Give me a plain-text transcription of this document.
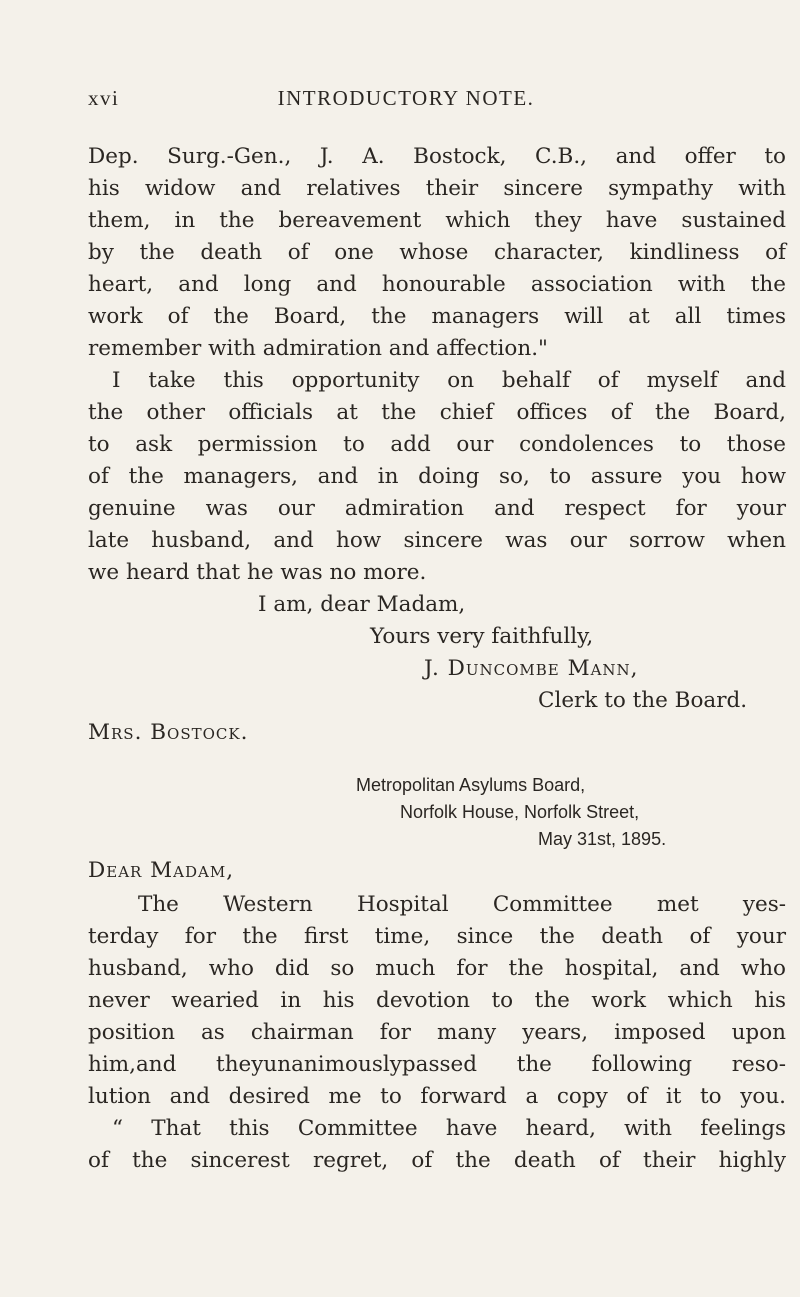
xvi	INTRODUCTORY NOTE.
Dep. Surg.-Gen., J. A. Bostock, C.B., and offer to
his widow and relatives their sincere sympathy with
them, in the bereavement which they have sustained
by the death of one whose character, kindliness of
heart, and long and honourable association with the
work of the Board, the managers will at all times
remember with admiration and affection."
I take this opportunity on behalf of myself and
the other officials at the chief offices of the Board,
to ask permission to add our condolences to those
of the managers, and in doing so, to assure you how
genuine was our admiration and respect for your
late husband, and how sincere was our sorrow when
we heard that he was no more.
I am, dear Madam,
Yours very faithfully,
J. Duncombe Mann,
Clerk to the Board.
Mrs. Bostock.
Metropolitan Asylums Board,
Norfolk House, Norfolk Street,
May 31st, 1895.
Dear Madam,
The Western Hospital Committee met yes-
terday for the first time, since the death of your
husband, who did so much for the hospital, and who
never wearied in his devotion to the work which his
position as chairman for many years, imposed upon
him,and theyunanimouslypassed the following reso-
lution and desired me to forward a copy of it to you.
“ That this Committee have heard, with feelings
of the sincerest regret, of the death of their highly
